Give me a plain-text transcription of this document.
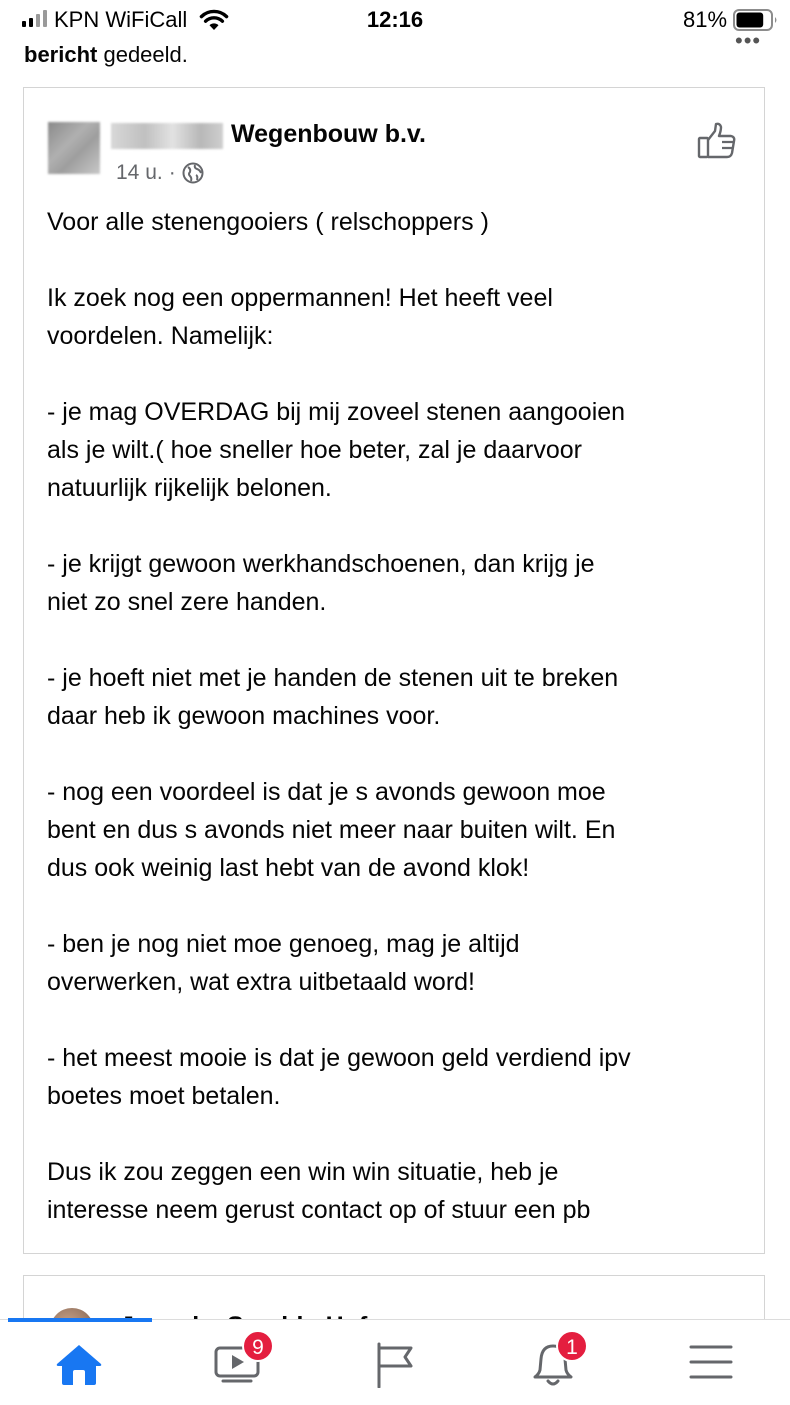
KPN WiFiCall	12:16	81%
•••
bericht gedeeld.
Wegenbouw b.v.
14 u. ·

Voor alle stenengooiers ( relschoppers )

Ik zoek nog een oppermannen! Het heeft veel
voordelen. Namelijk:

- je mag OVERDAG bij mij zoveel stenen aangooien
als je wilt.( hoe sneller hoe beter, zal je daarvoor
natuurlijk rijkelijk belonen.

- je krijgt gewoon werkhandschoenen, dan krijg je
niet zo snel zere handen.

- je hoeft niet met je handen de stenen uit te breken
daar heb ik gewoon machines voor.

- nog een voordeel is dat je s avonds gewoon moe
bent en dus s avonds niet meer naar buiten wilt. En
dus ook weinig last hebt van de avond klok!

- ben je nog niet moe genoeg, mag je altijd
overwerken, wat extra uitbetaald word!

- het meest mooie is dat je gewoon geld verdiend ipv
boetes moet betalen.

Dus ik zou zeggen een win win situatie, heb je
interesse neem gerust contact op of stuur een pb

9	1
